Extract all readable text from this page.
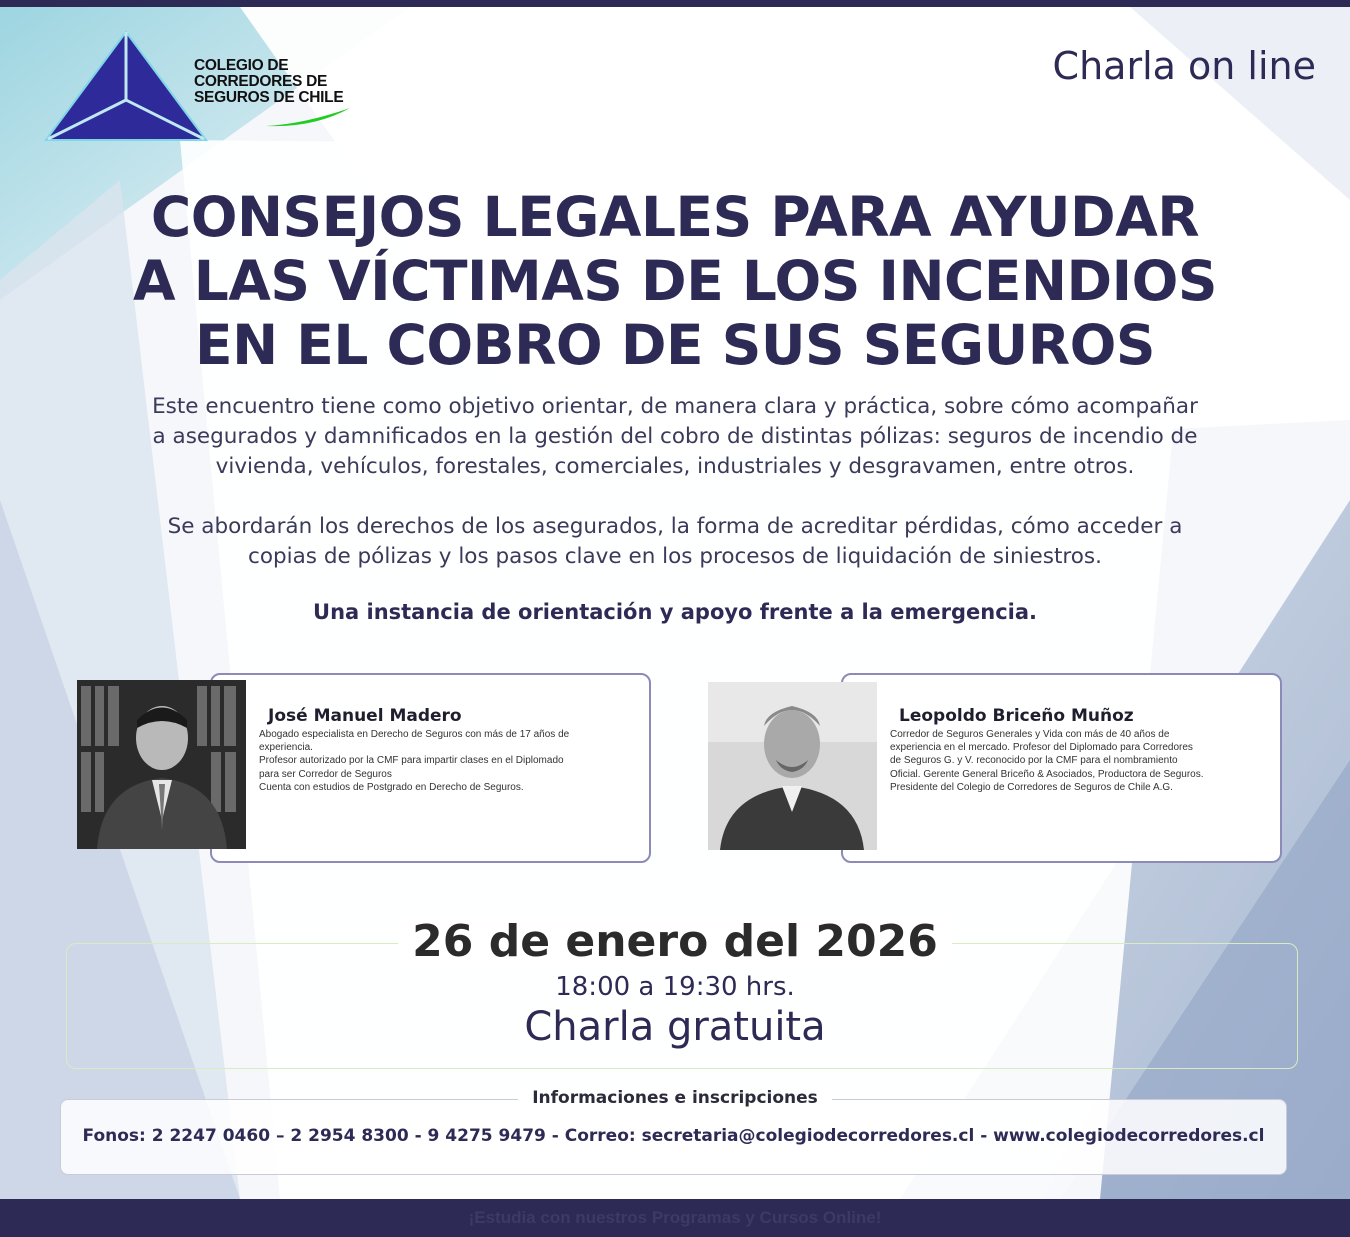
COLEGIO DE
CORREDORES DE
SEGUROS DE CHILE
Charla on line
CONSEJOS LEGALES PARA AYUDAR
A LAS VÍCTIMAS DE LOS INCENDIOS
EN EL COBRO DE SUS SEGUROS
Este encuentro tiene como objetivo orientar, de manera clara y práctica, sobre cómo acompañar
a asegurados y damnificados en la gestión del cobro de distintas pólizas: seguros de incendio de
vivienda, vehículos, forestales, comerciales, industriales y desgravamen, entre otros.
Se abordarán los derechos de los asegurados, la forma de acreditar pérdidas, cómo acceder a
copias de pólizas y los pasos clave en los procesos de liquidación de siniestros.
Una instancia de orientación y apoyo frente a la emergencia.
José Manuel Madero
Abogado especialista en Derecho de Seguros con más de 17 años de
experiencia.
Profesor autorizado por la CMF para impartir clases en el Diplomado
para ser Corredor de Seguros
Cuenta con estudios de Postgrado en Derecho de Seguros.
Leopoldo Briceño Muñoz
Corredor de Seguros Generales y Vida con más de 40 años de
experiencia en el mercado. Profesor del Diplomado para Corredores
de Seguros G. y V. reconocido por la CMF para el nombramiento
Oficial. Gerente General Briceño & Asociados, Productora de Seguros.
Presidente del Colegio de Corredores de Seguros de Chile A.G.
26 de enero del 2026
18:00 a 19:30 hrs.
Charla gratuita
Informaciones e inscripciones
Fonos: 2 2247 0460 – 2 2954 8300 - 9 4275 9479 - Correo: secretaria@colegiodecorredores.cl - www.colegiodecorredores.cl
¡Estudia con nuestros Programas y Cursos Online!
